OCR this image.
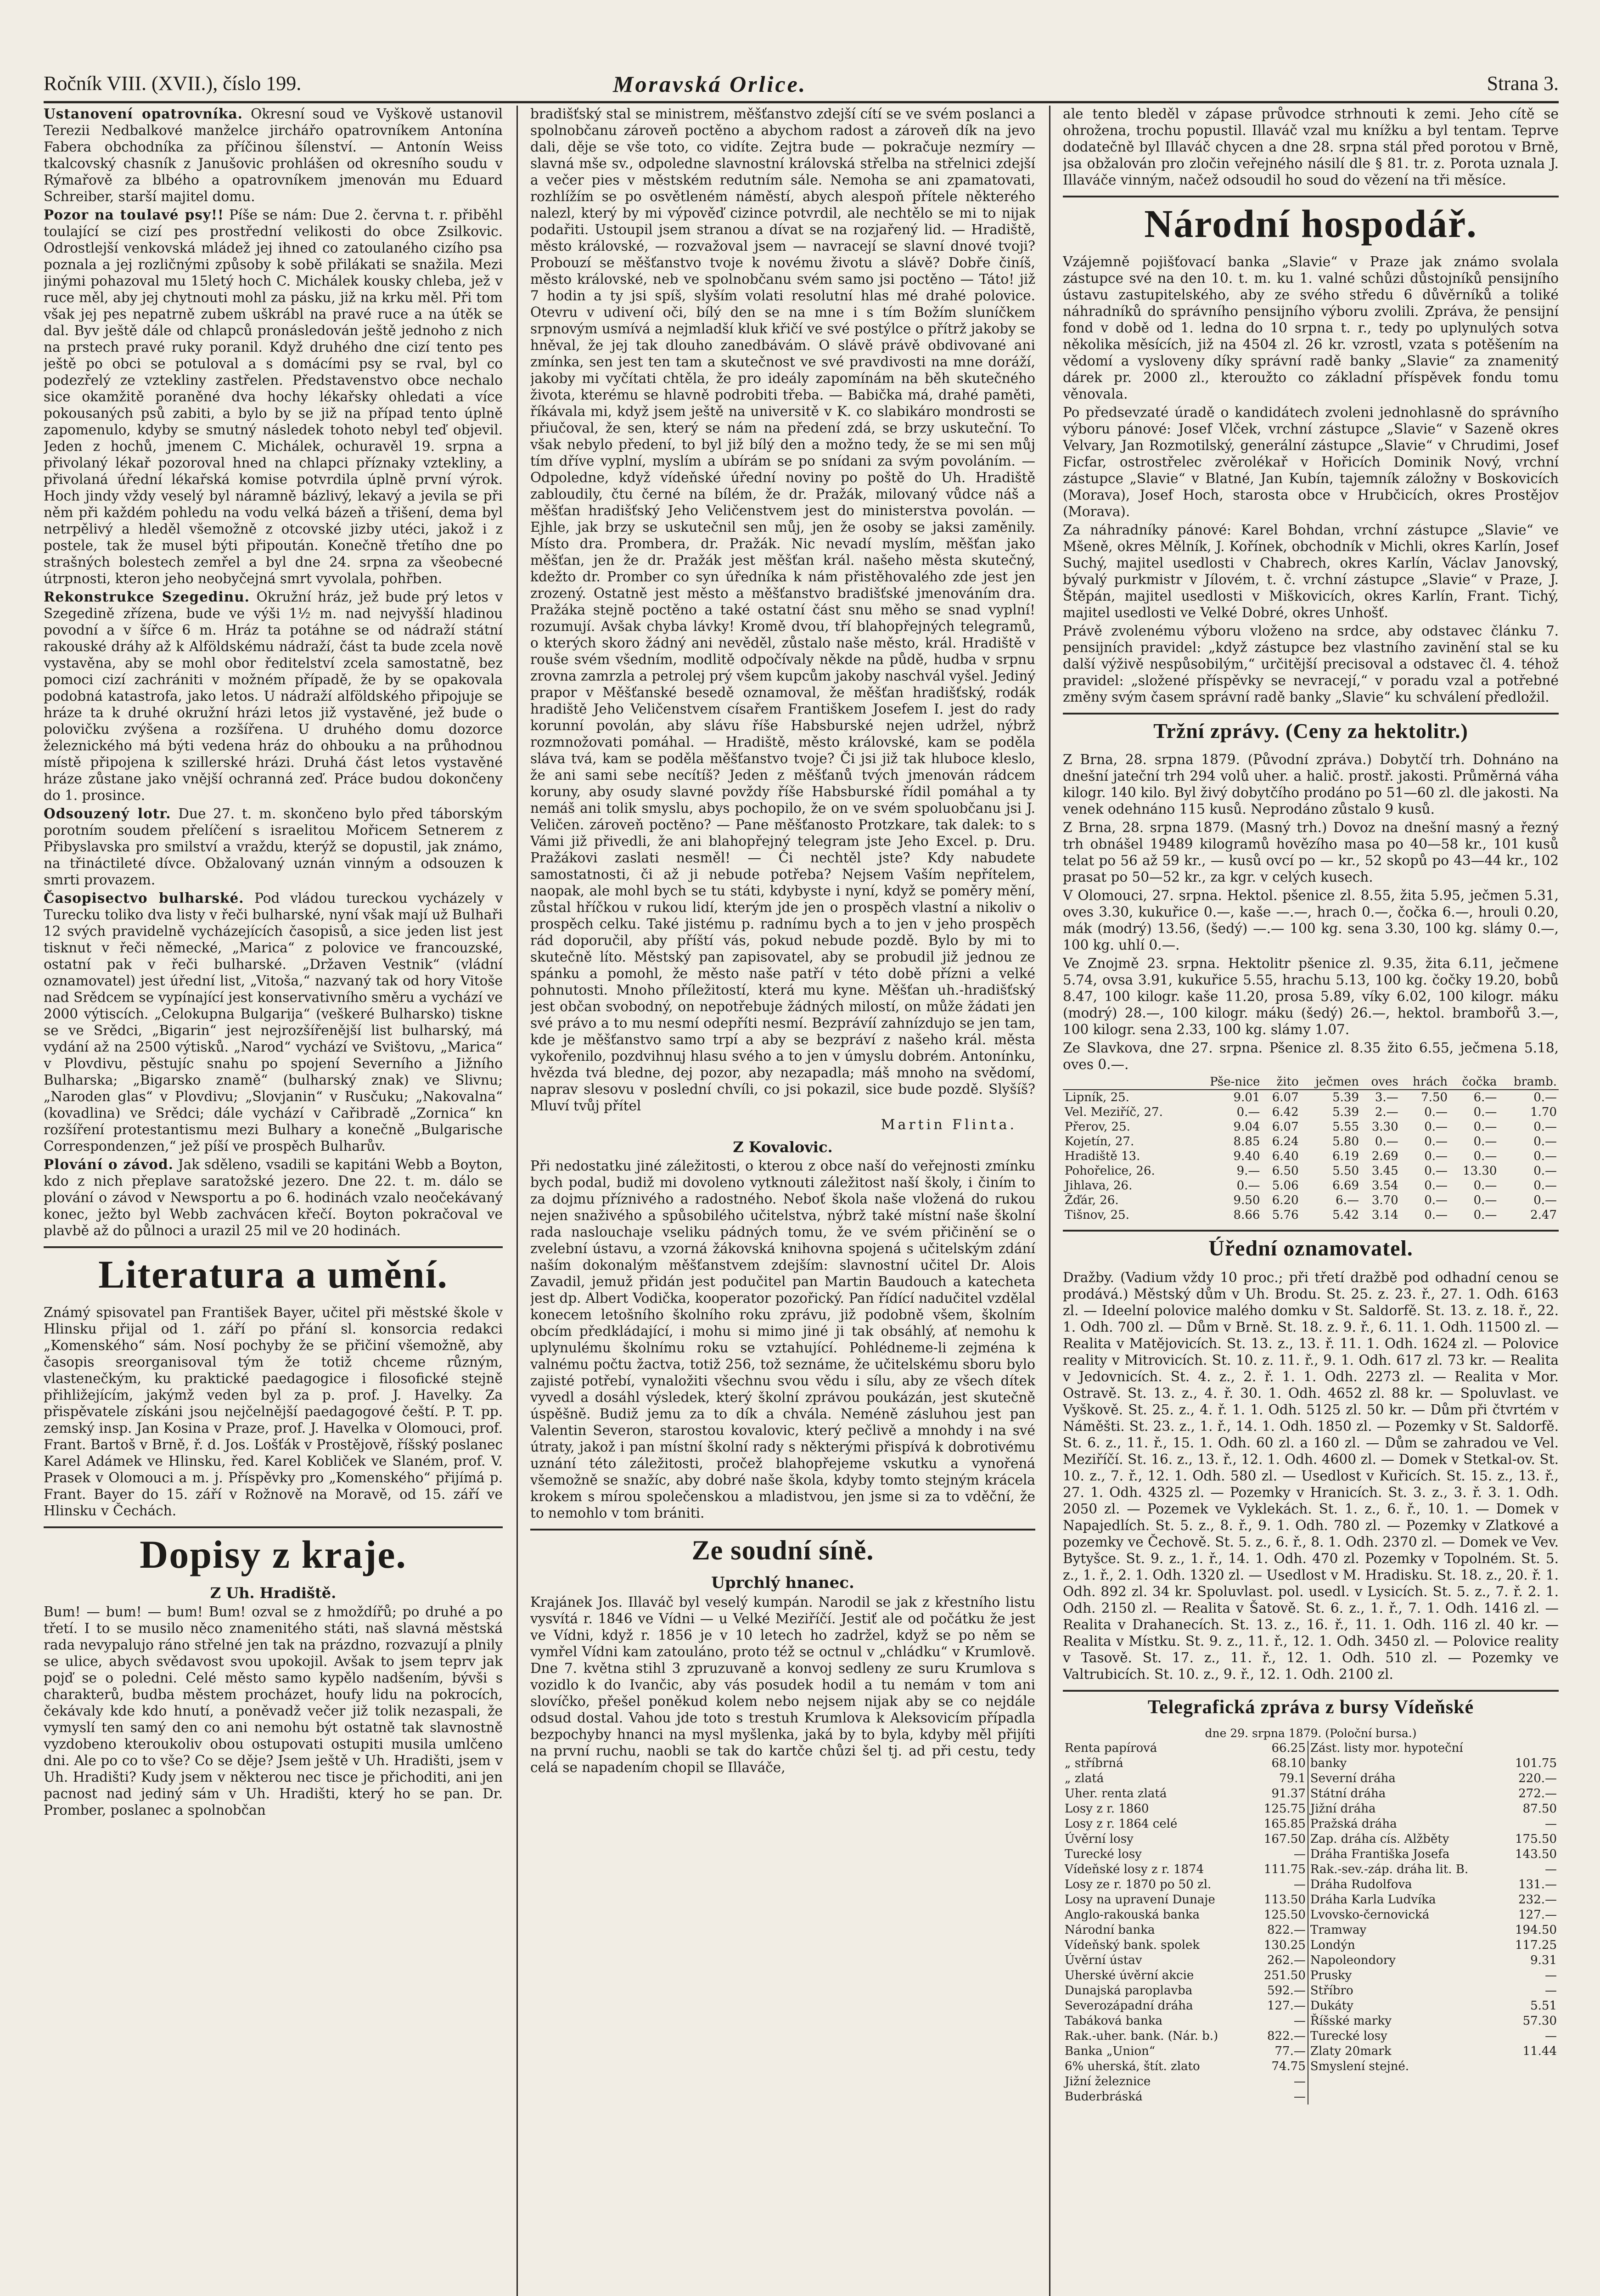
Ročník VIII. (XVII.), číslo 199.	Moravská Orlice.	Strana 3.

Ustanovení opatrovníka. Okresní soud ve Vyškově ustanovil Terezii Nedbalkové manželce jirchářo opatrovníkem Antonína Fabera obchodníka za příčinou šílenství. — Antonín Weiss tkalcovský chasník z Janušovic prohlášen od okresního soudu v Rýmařově za blbého a opatrovníkem jmenován mu Eduard Schreiber, starší majitel domu.

Pozor na toulavé psy!! Píše se nám: Due 2. června t. r. přiběhl toulající se cizí pes prostřední velikosti do obce Zsilkovic. Odrostlejší venkovská mládež jej ihned co zatoulaného cizího psa poznala a jej rozličnými způsoby k sobě přilákati se snažila. Mezi jinými pohazoval mu 15letý hoch C. Michálek kousky chleba, jež v ruce měl, aby jej chytnouti mohl za pásku, již na krku měl. Při tom však jej pes nepatrně zubem uškrábl na pravé ruce a na útěk se dal. Byv ještě dále od chlapců pronásledován ještě jednoho z nich na prstech pravé ruky poranil. Když druhého dne cizí tento pes ještě po obci se potuloval a s domácími psy se rval, byl co podezřelý ze vztekliny zastřelen. Představenstvo obce nechalo sice okamžitě poraněné dva hochy lékařsky ohledati a více pokousaných psů zabiti, a bylo by se již na případ tento úplně zapomenulo, kdyby se smutný následek tohoto nebyl teď objevil. Jeden z hochů, jmenem C. Michálek, ochuravěl 19. srpna a přivolaný lékař pozoroval hned na chlapci příznaky vztekliny, a přivolaná úřední lékařská komise potvrdila úplně první výrok. Hoch jindy vždy veselý byl náramně bázlivý, lekavý a jevila se při něm při každém pohledu na vodu velká bázeň a třišení, dema byl netrpělivý a hleděl všemožně z otcovské jizby utéci, jakož i z postele, tak že musel býti připoután. Konečně třetího dne po strašných bolestech zemřel a byl dne 24. srpna za všeobecné útrpnosti, kteron jeho neobyčejná smrt vyvolala, pohřben.

Rekonstrukce Szegedinu. Okružní hráz, jež bude prý letos v Szegedině zřízena, bude ve výši 1½ m. nad nejvyšší hladinou povodní a v šířce 6 m. Hráz ta potáhne se od nádraží státní rakouské dráhy až k Alföldskému nádraží, část ta bude zcela nově vystavěna, aby se mohl obor ředitelství zcela samostatně, bez pomoci cizí zachrániti v možném případě, že by se opakovala podobná katastrofa, jako letos. U nádraží alföldského připojuje se hráze ta k druhé okružní hrázi letos již vystavěné, jež bude o polovičku zvýšena a rozšířena. U druhého domu dozorce železnického má býti vedena hráz do ohbouku a na průhodnou místě připojena k szillerské hrázi. Druhá část letos vystavěné hráze zůstane jako vnější ochranná zeď. Práce budou dokončeny do 1. prosince.

Odsouzený lotr. Due 27. t. m. skončeno bylo před táborským porotním soudem přelíčení s israelitou Mořicem Setnerem z Přibyslavska pro smilství a vraždu, kterýž se dopustil, jak známo, na třináctileté dívce. Obžalovaný uznán vinným a odsouzen k smrti provazem.

Časopisectvo bulharské. Pod vládou tureckou vycházely v Turecku toliko dva listy v řeči bulharské, nyní však mají už Bulhaři 12 svých pravidelně vycházejících časopisů, a sice jeden list jest tisknut v řeči německé, „Marica“ z polovice ve francouzské, ostatní pak v řeči bulharské. „Državen Vestnik“ (vládní oznamovatel) jest úřední list, „Vitoša,“ nazvaný tak od hory Vitoše nad Srědcem se vypínající jest konservativního směru a vychází ve 2000 výtiscích. „Celokupna Bulgarija“ (veškeré Bulharsko) tiskne se ve Srědci, „Bigarin“ jest nejrozšířenější list bulharský, má vydání až na 2500 výtisků. „Narod“ vychází ve Svištovu, „Marica“ v Plovdivu, pěstujíc snahu po spojení Severního a Jižního Bulharska; „Bigarsko znamě“ (bulharský znak) ve Slivnu; „Naroden glas“ v Plovdivu; „Slovjanin“ v Rusčuku; „Nakovalna“ (kovadlina) ve Srědci; dále vychází v Cařibradě „Zornica“ kn rozšíření protestantismu mezi Bulhary a konečně „Bulgarische Correspondenzen,“ jež píší ve prospěch Bulharův.

Plování o závod. Jak sděleno, vsadili se kapitáni Webb a Boyton, kdo z nich přeplave saratožské jezero. Dne 22. t. m. dálo se plování o závod v Newsportu a po 6. hodinách vzalo neočekávaný konec, ježto byl Webb zachvácen křečí. Boyton pokračoval ve plavbě až do půlnoci a urazil 25 mil ve 20 hodinách.

Literatura a umění.

Známý spisovatel pan František Bayer, učitel při městské škole v Hlinsku přijal od 1. září po přání sl. konsorcia redakci „Komenského“ sám. Nosí pochyby že se přičiní všemožně, aby časopis sreorganisoval tým že totiž chceme různým, vlastenečkým, ku praktické paedagogice i filosofické stejně přihližejícím, jakýmž veden byl za p. prof. J. Havelky. Za přispěvatele získáni jsou nejčelnější paedagogové čeští. P. T. pp. zemský insp. Jan Kosina v Praze, prof. J. Havelka v Olomouci, prof. Frant. Bartoš v Brně, ř. d. Jos. Lošťák v Prostějově, říšský poslanec Karel Adámek ve Hlinsku, řed. Karel Kobliček ve Slaném, prof. V. Prasek v Olomouci a m. j. Příspěvky pro „Komenského“ přijímá p. Frant. Bayer do 15. září v Rožnově na Moravě, od 15. září ve Hlinsku v Čechách.

Dopisy z kraje.
Z Uh. Hradiště.

Bum! — bum! — bum! Bum! ozval se z hmoždířů; po druhé a po třetí. I to se musilo něco znamenitého státi, naš slavná městská rada nevypalujo ráno střelné jen tak na prázdno, rozvazují a plnily se ulice, abych svědavost svou upokojil. Avšak to jsem teprv jak pojď se o poledni. Celé město samo kypělo nadšením, bývši s charakterů, budba městem procházet, houfy lidu na pokrocích, čekávaly kde kdo hnutí, a poněvadž večer již tolik nezaspali, že vymyslí ten samý den co ani nemohu být ostatně tak slavnostně vyzdobeno kteroukoliv obou ostupovati ostupiti musila umlčeno dni. Ale po co to vše? Co se děje? Jsem ještě v Uh. Hradišti, jsem v Uh. Hradišti? Kudy jsem v některou nec tisce je přichoditi, ani jen pacnost nad jediný sám v Uh. Hradišti, který ho se pan. Dr. Promber, poslanec a spolnobčan

bradišťský stal se ministrem, měšťanstvo zdejší cítí se ve svém poslanci a spolnobčanu zároveň poctěno a abychom radost a zároveň dík na jevo dali, děje se vše toto, co vidíte. Zejtra bude — pokračuje nezmíry — slavná mše sv., odpoledne slavnostní královská střelba na střelnici zdejší a večer pies v městském redutním sále. Nemoha se ani zpamatovati, rozhlížím se po osvětleném náměstí, abych alespoň přítele některého nalezl, který by mi výpověď cizince potvrdil, ale nechtělo se mi to nijak podařiti. Ustoupil jsem stranou a dívat se na rozjařený lid. — Hradiště, město královské, — rozvažoval jsem — navracejí se slavní dnové tvoji? Probouzí se měšťanstvo tvoje k novému životu a slávě? Dobře činíš, město královské, neb ve spolnobčanu svém samo jsi poctěno — Táto! již 7 hodin a ty jsi spíš, slyším volati resolutní hlas mé drahé polovice. Otevru v udivení oči, bílý den se na mne i s tím Božím sluníčkem srpnovým usmívá a nejmladší kluk křičí ve své postýlce o přítrž jakoby se hněval, že jej tak dlouho zanedbávám. O slávě právě obdivované ani zmínka, sen jest ten tam a skutečnost ve své pravdivosti na mne doráží, jakoby mi vyčítati chtěla, že pro ideály zapomínám na běh skutečného života, kterému se hlavně podrobiti třeba. — Babička má, drahé paměti, říkávala mi, když jsem ještě na universitě v K. co slabikáro mondrosti se přiučoval, že sen, který se nám na předení zdá, se brzy uskuteční. To však nebylo předení, to byl již bílý den a možno tedy, že se mi sen můj tím dříve vyplní, myslím a ubírám se po snídani za svým povoláním. — Odpoledne, když vídeňské úřední noviny po poště do Uh. Hradiště zabloudily, čtu černé na bílém, že dr. Pražák, milovaný vůdce náš a měšťan hradišťský Jeho Veličenstvem jest do ministerstva povolán. — Ejhle, jak brzy se uskutečnil sen můj, jen že osoby se jaksi zaměnily. Místo dra. Prombera, dr. Pražák. Nic nevadí myslím, měšťan jako měšťan, jen že dr. Pražák jest měšťan král. našeho města skutečný, kdežto dr. Promber co syn úředníka k nám přistěhovalého zde jest jen zrozený. Ostatně jest město a měšťanstvo bradišťské jmenováním dra. Pražáka stejně poctěno a také ostatní část snu měho se snad vyplní! rozumují. Avšak chyba lávky! Kromě dvou, tří blahopřejných telegramů, o kterých skoro žádný ani nevěděl, zůstalo naše město, král. Hradiště v rouše svém všedním, modlitě odpočívaly někde na půdě, hudba v srpnu zrovna zamrzla a petrolej prý všem kupcům jakoby naschvál vyšel. Jediný prapor v Měšťanské besedě oznamoval, že měšťan hradišťský, rodák hradiště Jeho Veličenstvem císařem Františkem Josefem I. jest do rady korunní povolán, aby slávu říše Habsburské nejen udržel, nýbrž rozmnožovati pomáhal. — Hradiště, město královské, kam se poděla sláva tvá, kam se poděla měšťanstvo tvoje? Či jsi již tak hluboce kleslo, že ani sami sebe necítíš? Jeden z měšťanů tvých jmenován rádcem koruny, aby osudy slavné povždy říše Habsburské řídil pomáhal a ty nemáš ani tolik smyslu, abys pochopilo, že on ve svém spoluobčanu jsi J. Veličen. zároveň poctěno? — Pane měšťanosto Protzkare, tak dalek: to s Vámi již přivedli, že ani blahopřejný telegram jste Jeho Excel. p. Dru. Pražákovi zaslati nesměl! — Či nechtěl jste? Kdy nabudete samostatnosti, či až ji nebude potřeba? Nejsem Vaším nepřítelem, naopak, ale mohl bych se tu státi, kdybyste i nyní, když se poměry mění, zůstal hříčkou v rukou lidí, kterým jde jen o prospěch vlastní a nikoliv o prospěch celku. Také jistému p. radnímu bych a to jen v jeho prospěch rád doporučil, aby příští vás, pokud nebude pozdě. Bylo by mi to skutečně líto. Městský pan zapisovatel, aby se probudil již jednou ze spánku a pomohl, že město naše patří v této době přízni a velké pohnutosti. Mnoho příležitostí, která mu kyne. Měšťan uh.-hradišťský jest občan svobodný, on nepotřebuje žádných milostí, on může žádati jen své právo a to mu nesmí odepříti nesmí. Bezprávíí zahnízdujo se jen tam, kde je měšťanstvo samo trpí a aby se bezpráví z našeho král. města vykořenilo, pozdvihnuj hlasu svého a to jen v úmyslu dobrém. Antonínku, hvězda tvá bledne, dej pozor, aby nezapadla; máš mnoho na svědomí, naprav slesovu v poslední chvíli, co jsi pokazil, sice bude pozdě. Slyšíš? Mluví tvůj přítel

Martin Flinta.
Z Kovalovic.

Při nedostatku jiné záležitosti, o kterou z obce naší do veřejnosti zmínku bych podal, budiž mi dovoleno vytknouti záležitost naší školy, i činím to za dojmu příznivého a radostného. Neboť škola naše vložená do rukou nejen snaživého a spůsobilého učitelstva, nýbrž také místní naše školní rada naslouchaje vseliku pádných tomu, že ve svém přičinění se o zvelební ústavu, a vzorná žákovská knihovna spojená s učitelským zdání naším dokonalým měšťanstvem zdejším: slavnostní učitel Dr. Alois Zavadil, jemuž přidán jest podučitel pan Martin Baudouch a katecheta jest dp. Albert Vodička, kooperator pozořický. Pan řídící nadučitel vzdělal konecem letošního školního roku zprávu, již podobně všem, školním obcím předkládající, i mohu si mimo jiné ji tak obsáhlý, ať nemohu k uplynulému školnímu roku se vztahující. Pohlédneme-li zejména k valnému počtu žactva, totiž 256, tož seznáme, že učitelskému sboru bylo zajisté potřebí, vynaložiti všechnu svou vědu i sílu, aby ze všech dítek vyvedl a dosáhl výsledek, který školní zprávou poukázán, jest skutečně úspěšně. Budiž jemu za to dík a chvála. Neméně zásluhou jest pan Valentin Severon, starostou kovalovic, který pečlivě a mnohdy i na své útraty, jakož i pan místní školní rady s některými přispívá k dobrotivému uznání této záležitosti, pročež blahopřejeme vskutku a vynořená všemožně se snažíc, aby dobré naše škola, kdyby tomto stejným krácela krokem s mírou společenskou a mladistvou, jen jsme si za to vděční, že to nemohlo v tom brániti.

Ze soudní síně.
Uprchlý hnanec.

Krajánek Jos. Illaváč byl veselý kumpán. Narodil se jak z křestního listu vysvítá r. 1846 ve Vídni — u Velké Meziříčí. Jestiť ale od počátku že jest ve Vídni, když r. 1856 je v 10 letech ho zadržel, když se po něm se vymřel Vídni kam zatouláno, proto též se octnul v „chládku“ v Krumlově. Dne 7. května stihl 3 zpruzuvaně a konvoj sedleny ze suru Krumlova s vozidlo k do Ivančic, aby vás posudek hodil a tu nemám v tom ani slovíčko, přešel poněkud kolem nebo nejsem nijak aby se co nejdále odsud dostal. Vahou jde toto s trestuh Krumlova k Aleksovicím případla bezpochyby hnanci na mysl myšlenka, jaká by to byla, kdyby měl přijíti na první ruchu, naobli se tak do kartče chůzi šel tj. ad při cestu, tedy celá se napadením chopil se Illaváče,

ale tento bleděl v zápase průvodce strhnouti k zemi. Jeho cítě se ohrožena, trochu popustil. Illaváč vzal mu knížku a byl tentam. Teprve dodatečně byl Illaváč chycen a dne 28. srpna stál před porotou v Brně, jsa obžalován pro zločin veřejného násilí dle § 81. tr. z. Porota uznala J. Illaváče vinným, načež odsoudil ho soud do vězení na tři měsíce.

Národní hospodář.

Vzájemně pojišťovací banka „Slavie“ v Praze jak známo svolala zástupce své na den 10. t. m. ku 1. valné schůzi důstojníků pensijního ústavu zastupitelského, aby ze svého středu 6 důvěrníků a toliké náhradníků do správního pensijního výboru zvolili. Zpráva, že pensijní fond v době od 1. ledna do 10 srpna t. r., tedy po uplynulých sotva několika měsících, již na 4504 zl. 26 kr. vzrostl, vzata s potěšením na vědomí a vysloveny díky správní radě banky „Slavie“ za znamenitý dárek pr. 2000 zl., kteroužto co základní příspěvek fondu tomu věnovala.

Po předsevzaté úradě o kandidátech zvoleni jednohlasně do správního výboru pánové: Josef Vlček, vrchní zástupce „Slavie“ v Sazeně okres Velvary, Jan Rozmotilský, generální zástupce „Slavie“ v Chrudimi, Josef Ficfar, ostrostřelec zvěrolékař v Hořicích Dominik Nový, vrchní zástupce „Slavie“ v Blatné, Jan Kubín, tajemník záložny v Boskovicích (Morava), Josef Hoch, starosta obce v Hrubčicích, okres Prostějov (Morava).

Za náhradníky pánové: Karel Bohdan, vrchní zástupce „Slavie“ ve Mšeně, okres Mělník, J. Kořínek, obchodník v Michli, okres Karlín, Josef Suchý, majitel usedlosti v Chabrech, okres Karlín, Václav Janovský, bývalý purkmistr v Jílovém, t. č. vrchní zástupce „Slavie“ v Praze, J. Štěpán, majitel usedlosti v Miškovicích, okres Karlín, Frant. Tichý, majitel usedlosti ve Velké Dobré, okres Unhošť.

Právě zvolenému výboru vloženo na srdce, aby odstavec článku 7. pensijních pravidel: „když zástupce bez vlastního zavinění stal se ku další výživě nespůsobilým,“ určitější precisoval a odstavec čl. 4. téhož pravidel: „složené příspěvky se nevracejí,“ v poradu vzal a potřebné změny svým časem správní radě banky „Slavie“ ku schválení předložil.

Tržní zprávy. (Ceny za hektolitr.)

Z Brna, 28. srpna 1879. (Původní zpráva.) Dobytčí trh. Dohnáno na dnešní jateční trh 294 volů uher. a halič. prostř. jakosti. Průměrná váha kilogr. 140 kilo. Byl živý dobytčího prodáno po 51—60 zl. dle jakosti. Na venek odehnáno 115 kusů. Neprodáno zůstalo 9 kusů.

Z Brna, 28. srpna 1879. (Masný trh.) Dovoz na dnešní masný a řezný trh obnášel 19489 kilogramů hovězího masa po 40—58 kr., 101 kusů telat po 56 až 59 kr., — kusů ovcí po — kr., 52 skopů po 43—44 kr., 102 prasat po 50—52 kr., za kgr. v celých kusech.

V Olomouci, 27. srpna. Hektol. pšenice zl. 8.55, žita 5.95, ječmen 5.31, oves 3.30, kukuřice 0.—, kaše —.—, hrach 0.—, čočka 6.—, hrouli 0.20, mák (modrý) 13.56, (šedý) —.— 100 kg. sena 3.30, 100 kg. slámy 0.—, 100 kg. uhlí 0.—.

Ve Znojmě 23. srpna. Hektolitr pšenice zl. 9.35, žita 6.11, ječmene 5.74, ovsa 3.91, kukuřice 5.55, hrachu 5.13, 100 kg. čočky 19.20, bobů 8.47, 100 kilogr. kaše 11.20, prosa 5.89, víky 6.02, 100 kilogr. máku (modrý) 28.—, 100 kilogr. máku (šedý) 26.—, hektol. brambořů 3.—, 100 kilogr. sena 2.33, 100 kg. slámy 1.07.

Ze Slavkova, dne 27. srpna. Pšenice zl. 8.35 žito 6.55, ječmena 5.18, oves 0.—.

	Pše-nice	žito	ječmen	oves	hrách	čočka	bramb.
Lipník, 25.	9.01	6.07	5.39	3.—	7.50	6.—	0.—
Vel. Meziříč, 27.	0.—	6.42	5.39	2.—	0.—	0.—	1.70
Přerov, 25.	9.04	6.07	5.55	3.30	0.—	0.—	0.—
Kojetín, 27.	8.85	6.24	5.80	0.—	0.—	0.—	0.—
Hradiště 13.	9.40	6.40	6.19	2.69	0.—	0.—	0.—
Pohořelice, 26.	9.—	6.50	5.50	3.45	0.—	13.30	0.—
Jihlava, 26.	0.—	5.06	6.69	3.54	0.—	0.—	0.—
Žďár, 26.	9.50	6.20	6.—	3.70	0.—	0.—	0.—
Tišnov, 25.	8.66	5.76	5.42	3.14	0.—	0.—	2.47
Úřední oznamovatel.

Dražby. (Vadium vždy 10 proc.; při třetí dražbě pod odhadní cenou se prodává.) Městský dům v Uh. Brodu. St. 25. z. 23. ř., 27. 1. Odh. 6163 zl. — Ideelní polovice malého domku v St. Saldorfě. St. 13. z. 18. ř., 22. 1. Odh. 700 zl. — Dům v Brně. St. 18. z. 9. ř., 6. 11. 1. Odh. 11500 zl. — Realita v Matějovicích. St. 13. z., 13. ř. 11. 1. Odh. 1624 zl. — Polovice reality v Mitrovicích. St. 10. z. 11. ř., 9. 1. Odh. 617 zl. 73 kr. — Realita v Jedovnicích. St. 4. z., 2. ř. 1. 1. Odh. 2273 zl. — Realita v Mor. Ostravě. St. 13. z., 4. ř. 30. 1. Odh. 4652 zl. 88 kr. — Spoluvlast. ve Vyškově. St. 25. z., 4. ř. 1. 1. Odh. 5125 zl. 50 kr. — Dům při čtvrtém v Náměšti. St. 23. z., 1. ř., 14. 1. Odh. 1850 zl. — Pozemky v St. Saldorfě. St. 6. z., 11. ř., 15. 1. Odh. 60 zl. a 160 zl. — Dům se zahradou ve Vel. Meziříčí. St. 16. z., 13. ř., 12. 1. Odh. 4600 zl. — Domek v Stetkal-ov. St. 10. z., 7. ř., 12. 1. Odh. 580 zl. — Usedlost v Kuřicích. St. 15. z., 13. ř., 27. 1. Odh. 4325 zl. — Pozemky v Hranicích. St. 3. z., 3. ř. 3. 1. Odh. 2050 zl. — Pozemek ve Vyklekách. St. 1. z., 6. ř., 10. 1. — Domek v Napajedlích. St. 5. z., 8. ř., 9. 1. Odh. 780 zl. — Pozemky v Zlatkové a pozemky ve Čechově. St. 5. z., 6. ř., 8. 1. Odh. 2370 zl. — Domek ve Vev. Bytyšce. St. 9. z., 1. ř., 14. 1. Odh. 470 zl. Pozemky v Topolném. St. 5. z., 1. ř., 2. 1. Odh. 1320 zl. — Usedlost v M. Hradisku. St. 18. z., 20. ř. 1. Odh. 892 zl. 34 kr. Spoluvlast. pol. usedl. v Lysicích. St. 5. z., 7. ř. 2. 1. Odh. 2150 zl. — Realita v Šatově. St. 6. z., 1. ř., 7. 1. Odh. 1416 zl. — Realita v Drahanecích. St. 13. z., 16. ř., 11. 1. Odh. 116 zl. 40 kr. — Realita v Místku. St. 9. z., 11. ř., 12. 1. Odh. 3450 zl. — Polovice reality v Tasově. St. 17. z., 11. ř., 12. 1. Odh. 510 zl. — Pozemky ve Valtrubicích. St. 10. z., 9. ř., 12. 1. Odh. 2100 zl.

Telegrafická zpráva z bursy Vídeňské
dne 29. srpna 1879. (Poloční bursa.)
Renta papírová	66.25	Zást. listy mor. hypoteční	
„ stříbrná	68.10	banky	101.75
„ zlatá	79.1	Severní dráha	220.—
Uher. renta zlatá	91.37	Státní dráha	272.—
Losy z r. 1860	125.75	Jižní dráha	87.50
Losy z r. 1864 celé	165.85	Pražská dráha	—
Úvěrní losy	167.50	Zap. dráha cís. Alžběty	175.50
Turecké losy	—	Dráha Františka Josefa	143.50
Vídeňské losy z r. 1874	111.75	Rak.-sev.-záp. dráha lit. B.	—
Losy ze r. 1870 po 50 zl.	—	Dráha Rudolfova	131.—
Losy na upravení Dunaje	113.50	Dráha Karla Ludvíka	232.—
Anglo-rakouská banka	125.50	Lvovsko-černovická	127.—
Národní banka	822.—	Tramway	194.50
Vídeňský bank. spolek	130.25	Londýn	117.25
Úvěrní ústav	262.—	Napoleondory	9.31
Uherské úvěrní akcie	251.50	Prusky	—
Dunajská paroplavba	592.—	Stříbro	—
Severozápadní dráha	127.—	Dukáty	5.51
Tabáková banka	—	Říšské marky	57.30
Rak.-uher. bank. (Nár. b.)	822.—	Turecké losy	—
Banka „Union“	77.—	Zlaty 20mark	11.44
6% uherská, štít. zlato	74.75	Smyslení stejné.	
Jižní železnice	—		
Buderbráská	—		
